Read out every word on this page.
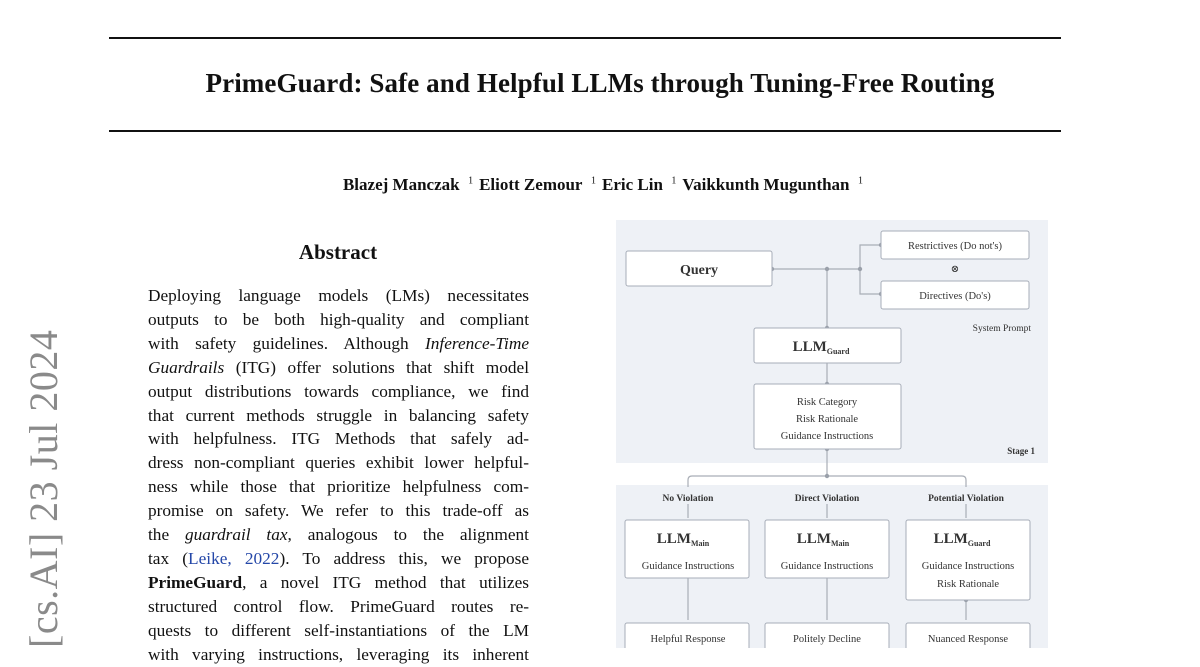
PrimeGuard: Safe and Helpful LLMs through Tuning-Free Routing
Blazej Manczak $^1$ Eliott Zemour $^1$ Eric Lin $^1$ Vaikkunth Mugunthan $^1$
[cs.AI] 23 Jul 2024
Abstract
Deploying language models (LMs) necessitates
outputs to be both high-quality and compliant
with safety guidelines. Although Inference-Time
Guardrails (ITG) offer solutions that shift model
output distributions towards compliance, we find
that current methods struggle in balancing safety
with helpfulness. ITG Methods that safely ad-
dress non-compliant queries exhibit lower helpful-
ness while those that prioritize helpfulness com-
promise on safety. We refer to this trade-off as
the guardrail tax, analogous to the alignment
tax (Leike, 2022). To address this, we propose
PrimeGuard, a novel ITG method that utilizes
structured control flow. PrimeGuard routes re-
quests to different self-instantiations of the LM
with varying instructions, leveraging its inherent
Query
Restrictives (Do not's)
⊗
Directives (Do's)
System Prompt
$LLM_{Guard}$
Risk Category
Risk Rationale
Guidance Instructions
Stage 1
No Violation	Direct Violation	Potential Violation
$LLM_{Main}$
Guidance Instructions
$LLM_{Main}$
Guidance Instructions
$LLM_{Guard}$
Guidance Instructions
Risk Rationale
Helpful Response	Politely Decline	Nuanced Response
